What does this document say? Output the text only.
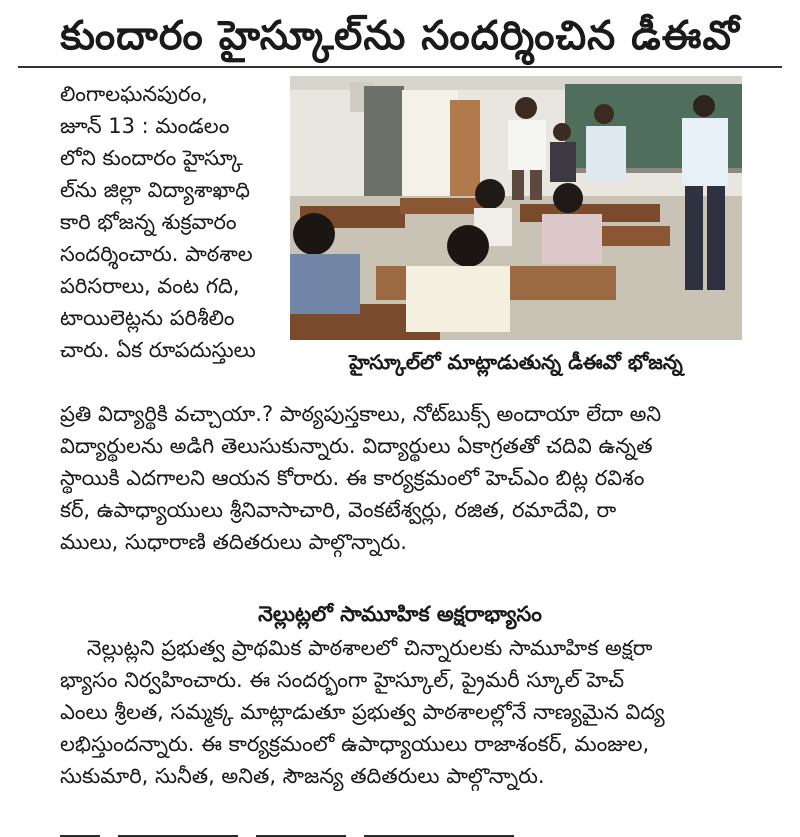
కుందారం హైస్కూల్‌ను సందర్శించిన డీఈవో
లింగాలఘనపురం,
జూన్ 13 : మండలం
లోని కుందారం హైస్కూ
ల్‌ను జిల్లా విద్యాశాఖాధి
కారి భోజన్న శుక్రవారం
సందర్శించారు. పాఠశాల
పరిసరాలు, వంట గది,
టాయిలెట్లను పరిశీలిం
చారు. ఏక రూపదుస్తులు	హైస్కూల్‌లో మాట్లాడుతున్న డీఈవో భోజన్న
ప్రతి విద్యార్థికి వచ్చాయా.? పాఠ్యపుస్తకాలు, నోట్‌బుక్స్ అందాయా లేదా అని
విద్యార్థులను అడిగి తెలుసుకున్నారు. విద్యార్థులు ఏకాగ్రతతో చదివి ఉన్నత
స్థాయికి ఎదగాలని ఆయన కోరారు. ఈ కార్యక్రమంలో హెచ్ఎం బిట్ల రవిశం
కర్, ఉపాధ్యాయులు శ్రీనివాసాచారి, వెంకటేశ్వర్లు, రజిత, రమాదేవి, రా
ములు, సుధారాణి తదితరులు పాల్గొన్నారు.
నెల్లుట్లలో సామూహిక అక్షరాభ్యాసం
నెల్లుట్లని ప్రభుత్వ ప్రాథమిక పాఠశాలలో చిన్నారులకు సామూహిక అక్షరా
భ్యాసం నిర్వహించారు. ఈ సందర్భంగా హైస్కూల్, ప్రైమరీ స్కూల్ హెచ్
ఎంలు శ్రీలత, సమ్మక్క మాట్లాడుతూ ప్రభుత్వ పాఠశాలల్లోనే నాణ్యమైన విద్య
లభిస్తుందన్నారు. ఈ కార్యక్రమంలో ఉపాధ్యాయులు రాజాశంకర్, మంజుల,
సుకుమారి, సునీత, అనిత, సౌజన్య తదితరులు పాల్గొన్నారు.
